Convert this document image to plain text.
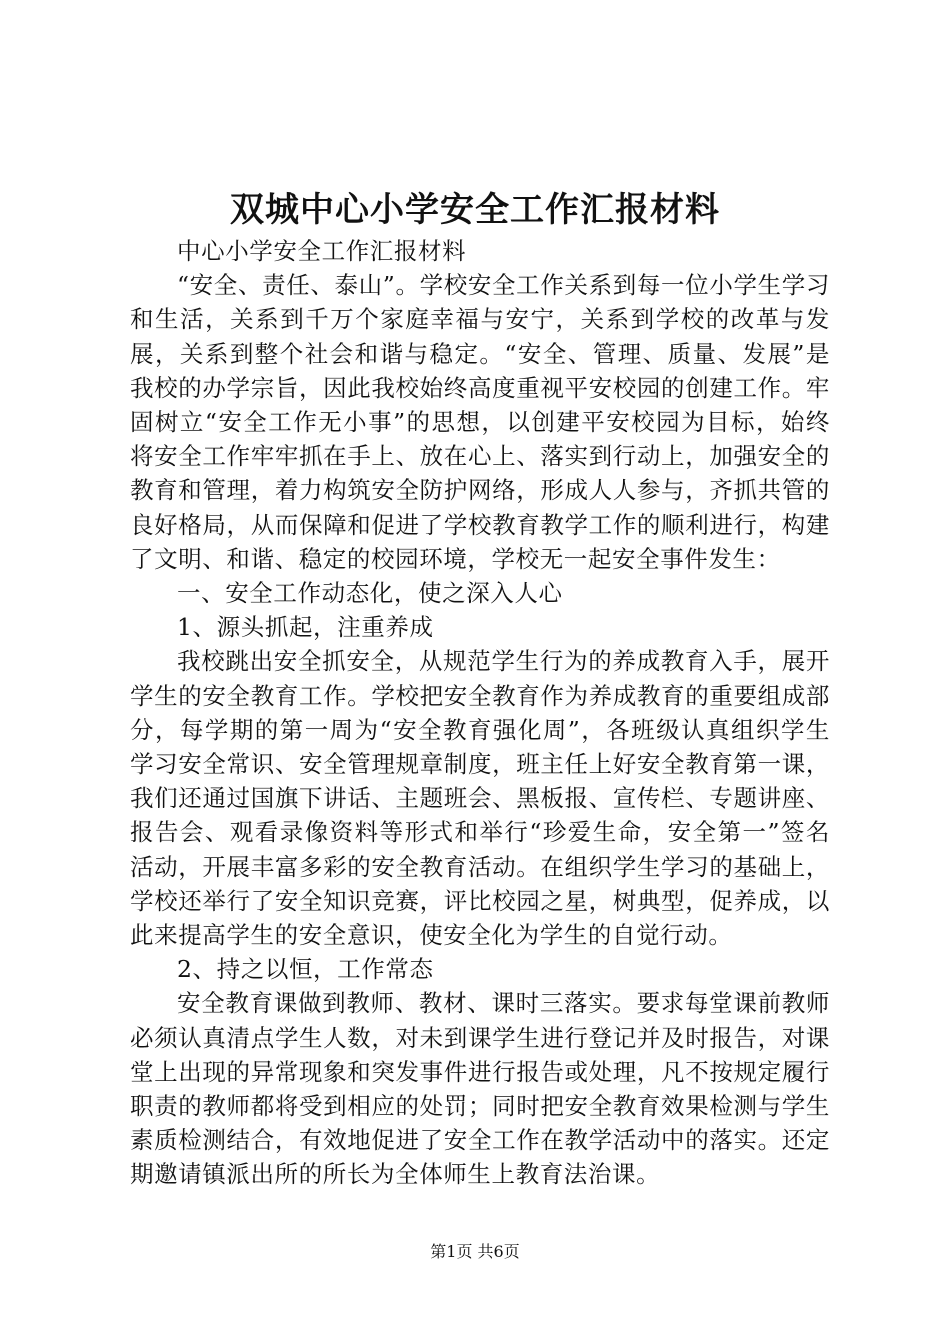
双城中心小学安全工作汇报材料

中心小学安全工作汇报材料

“安全、责任、泰山”。学校安全工作关系到每一位小学生学习和生活，关系到千万个家庭幸福与安宁，关系到学校的改革与发展，关系到整个社会和谐与稳定。“安全、管理、质量、发展”是我校的办学宗旨，因此我校始终高度重视平安校园的创建工作。牢固树立“安全工作无小事”的思想，以创建平安校园为目标，始终将安全工作牢牢抓在手上、放在心上、落实到行动上，加强安全的教育和管理，着力构筑安全防护网络，形成人人参与，齐抓共管的良好格局，从而保障和促进了学校教育教学工作的顺利进行，构建了文明、和谐、稳定的校园环境，学校无一起安全事件发生：

一、安全工作动态化，使之深入人心

1、源头抓起，注重养成

我校跳出安全抓安全，从规范学生行为的养成教育入手，展开学生的安全教育工作。学校把安全教育作为养成教育的重要组成部分，每学期的第一周为“安全教育强化周”，各班级认真组织学生学习安全常识、安全管理规章制度，班主任上好安全教育第一课，我们还通过国旗下讲话、主题班会、黑板报、宣传栏、专题讲座、报告会、观看录像资料等形式和举行“珍爱生命，安全第一”签名活动，开展丰富多彩的安全教育活动。在组织学生学习的基础上，学校还举行了安全知识竞赛，评比校园之星，树典型，促养成，以此来提高学生的安全意识，使安全化为学生的自觉行动。

2、持之以恒，工作常态

安全教育课做到教师、教材、课时三落实。要求每堂课前教师必须认真清点学生人数，对未到课学生进行登记并及时报告，对课堂上出现的异常现象和突发事件进行报告或处理，凡不按规定履行职责的教师都将受到相应的处罚；同时把安全教育效果检测与学生素质检测结合，有效地促进了安全工作在教学活动中的落实。还定期邀请镇派出所的所长为全体师生上教育法治课。

第1页 共6页
